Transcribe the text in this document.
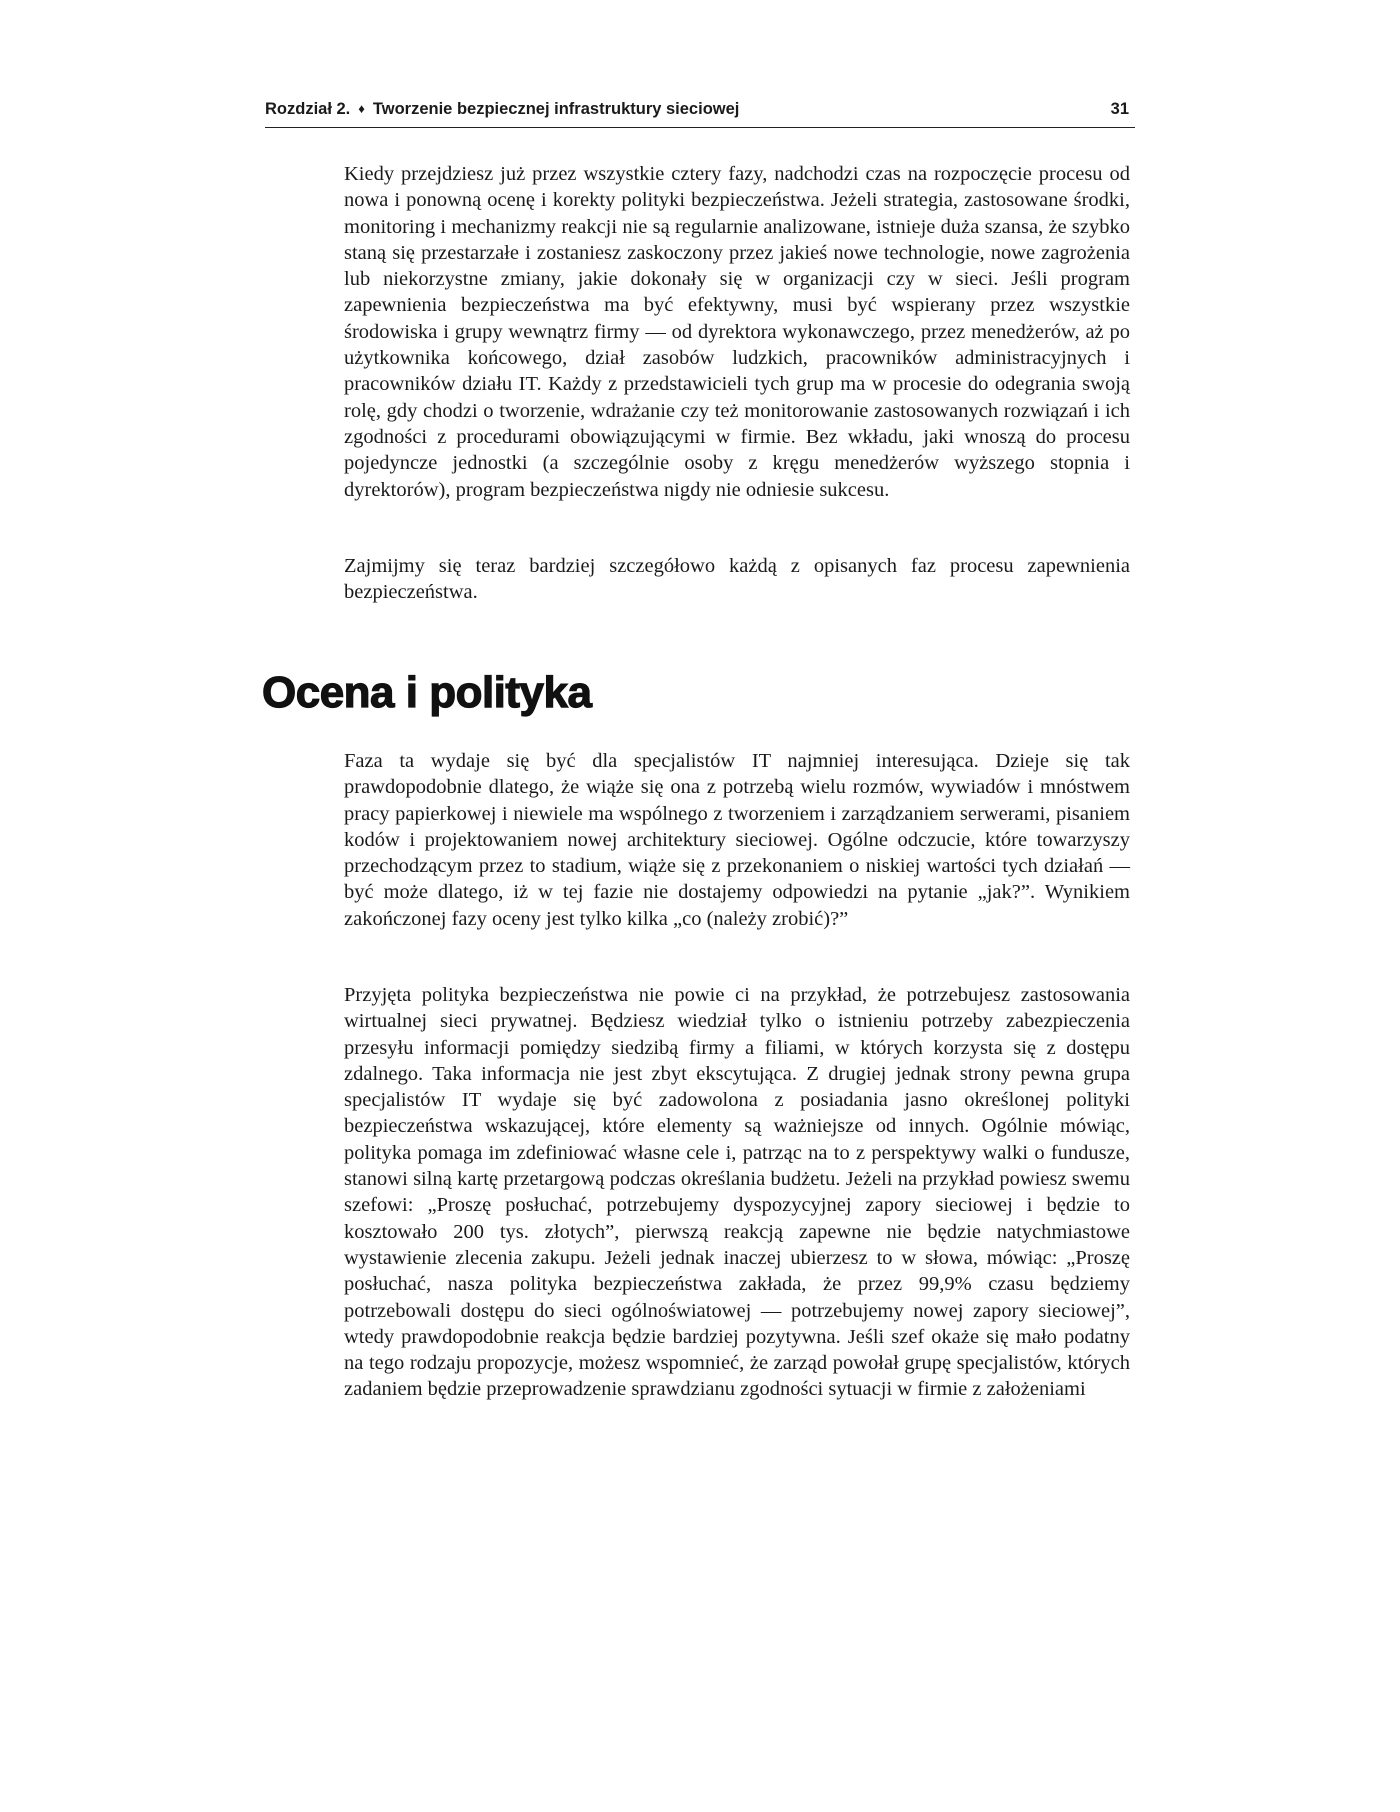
Rozdział 2. ♦ Tworzenie bezpiecznej infrastruktury sieciowej	31

Kiedy przejdziesz już przez wszystkie cztery fazy, nadchodzi czas na rozpoczęcie procesu od nowa i ponowną ocenę i korekty polityki bezpieczeństwa. Jeżeli strategia, zastosowane środki, monitoring i mechanizmy reakcji nie są regularnie analizowane, istnieje duża szansa, że szybko staną się przestarzałe i zostaniesz zaskoczony przez jakieś nowe technologie, nowe zagrożenia lub niekorzystne zmiany, jakie dokonały się w organizacji czy w sieci. Jeśli program zapewnienia bezpieczeństwa ma być efektywny, musi być wspierany przez wszystkie środowiska i grupy wewnątrz firmy — od dyrektora wykonawczego, przez menedżerów, aż po użytkownika końcowego, dział zasobów ludzkich, pracowników administracyjnych i pracowników działu IT. Każdy z przedstawicieli tych grup ma w procesie do odegrania swoją rolę, gdy chodzi o tworzenie, wdrażanie czy też monitorowanie zastosowanych rozwiązań i ich zgodności z procedurami obowiązującymi w firmie. Bez wkładu, jaki wnoszą do procesu pojedyncze jednostki (a szczególnie osoby z kręgu menedżerów wyższego stopnia i dyrektorów), program bezpieczeństwa nigdy nie odniesie sukcesu.

Zajmijmy się teraz bardziej szczegółowo każdą z opisanych faz procesu zapewnienia bezpieczeństwa.

Ocena i polityka

Faza ta wydaje się być dla specjalistów IT najmniej interesująca. Dzieje się tak prawdopodobnie dlatego, że wiąże się ona z potrzebą wielu rozmów, wywiadów i mnóstwem pracy papierkowej i niewiele ma wspólnego z tworzeniem i zarządzaniem serwerami, pisaniem kodów i projektowaniem nowej architektury sieciowej. Ogólne odczucie, które towarzyszy przechodzącym przez to stadium, wiąże się z przekonaniem o niskiej wartości tych działań — być może dlatego, iż w tej fazie nie dostajemy odpowiedzi na pytanie „jak?”. Wynikiem zakończonej fazy oceny jest tylko kilka „co (należy zrobić)?”

Przyjęta polityka bezpieczeństwa nie powie ci na przykład, że potrzebujesz zastosowania wirtualnej sieci prywatnej. Będziesz wiedział tylko o istnieniu potrzeby zabezpieczenia przesyłu informacji pomiędzy siedzibą firmy a filiami, w których korzysta się z dostępu zdalnego. Taka informacja nie jest zbyt ekscytująca. Z drugiej jednak strony pewna grupa specjalistów IT wydaje się być zadowolona z posiadania jasno określonej polityki bezpieczeństwa wskazującej, które elementy są ważniejsze od innych. Ogólnie mówiąc, polityka pomaga im zdefiniować własne cele i, patrząc na to z perspektywy walki o fundusze, stanowi silną kartę przetargową podczas określania budżetu. Jeżeli na przykład powiesz swemu szefowi: „Proszę posłuchać, potrzebujemy dyspozycyjnej zapory sieciowej i będzie to kosztowało 200 tys. złotych”, pierwszą reakcją zapewne nie będzie natychmiastowe wystawienie zlecenia zakupu. Jeżeli jednak inaczej ubierzesz to w słowa, mówiąc: „Proszę posłuchać, nasza polityka bezpieczeństwa zakłada, że przez 99,9% czasu będziemy potrzebowali dostępu do sieci ogólnoświatowej — potrzebujemy nowej zapory sieciowej”, wtedy prawdopodobnie reakcja będzie bardziej pozytywna. Jeśli szef okaże się mało podatny na tego rodzaju propozycje, możesz wspomnieć, że zarząd powołał grupę specjalistów, których zadaniem będzie przeprowadzenie sprawdzianu zgodności sytuacji w firmie z założeniami
